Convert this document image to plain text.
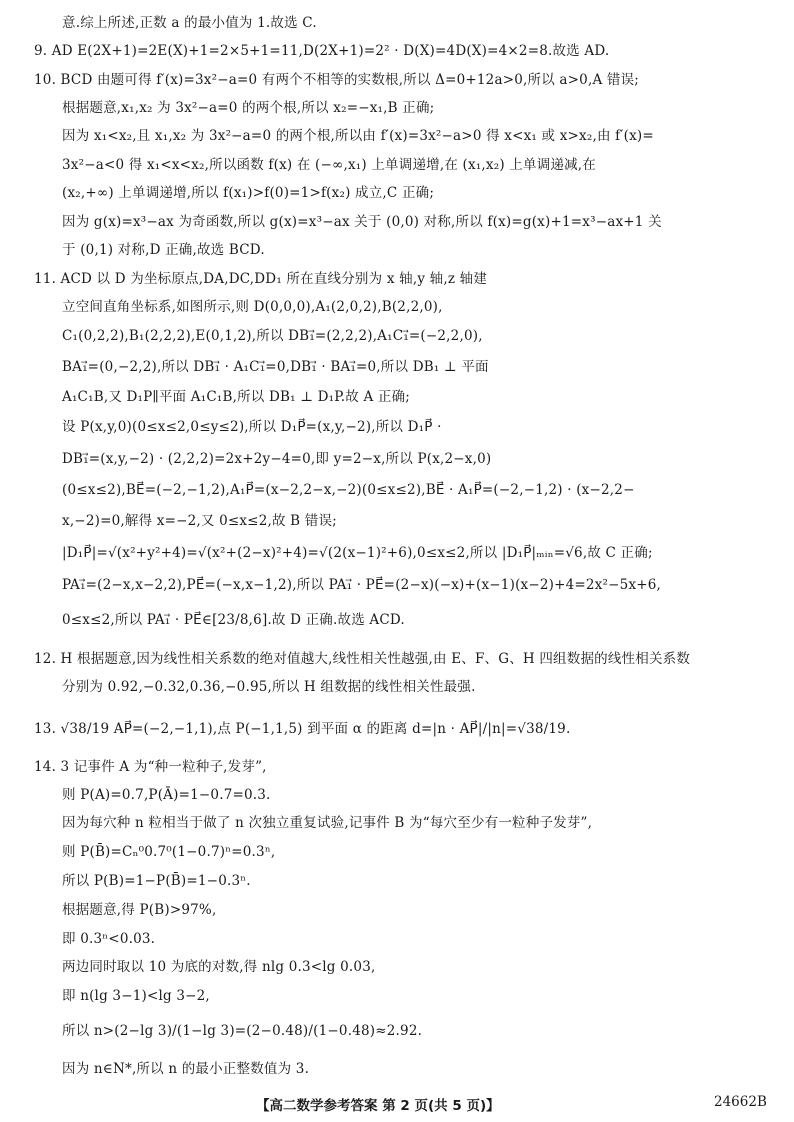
意.综上所述,正数 a 的最小值为 1.故选 C.
9. AD E(2X+1)=2E(X)+1=2×5+1=11,D(2X+1)=2² · D(X)=4D(X)=4×2=8.故选 AD.
10. BCD 由题可得 f′(x)=3x²−a=0 有两个不相等的实数根,所以 Δ=0+12a>0,所以 a>0,A 错误;
根据题意,x₁,x₂ 为 3x²−a=0 的两个根,所以 x₂=−x₁,B 正确;
因为 x₁<x₂,且 x₁,x₂ 为 3x²−a=0 的两个根,所以由 f′(x)=3x²−a>0 得 x<x₁ 或 x>x₂,由 f′(x)=
3x²−a<0 得 x₁<x<x₂,所以函数 f(x) 在 (−∞,x₁) 上单调递增,在 (x₁,x₂) 上单调递减,在
(x₂,+∞) 上单调递增,所以 f(x₁)>f(0)=1>f(x₂) 成立,C 正确;
因为 g(x)=x³−ax 为奇函数,所以 g(x)=x³−ax 关于 (0,0) 对称,所以 f(x)=g(x)+1=x³−ax+1 关
于 (0,1) 对称,D 正确,故选 BCD.
11. ACD 以 D 为坐标原点,DA,DC,DD₁ 所在直线分别为 x 轴,y 轴,z 轴建
立空间直角坐标系,如图所示,则 D(0,0,0),A₁(2,0,2),B(2,2,0),
C₁(0,2,2),B₁(2,2,2),E(0,1,2),所以 DB₁⃗=(2,2,2),A₁C₁⃗=(−2,2,0),
BA₁⃗=(0,−2,2),所以 DB₁⃗ · A₁C₁⃗=0,DB₁⃗ · BA₁⃗=0,所以 DB₁ ⊥ 平面
A₁C₁B,又 D₁P∥平面 A₁C₁B,所以 DB₁ ⊥ D₁P.故 A 正确;
设 P(x,y,0)(0≤x≤2,0≤y≤2),所以 D₁P⃗=(x,y,−2),所以 D₁P⃗ ·
DB₁⃗=(x,y,−2) · (2,2,2)=2x+2y−4=0,即 y=2−x,所以 P(x,2−x,0)
(0≤x≤2),BE⃗=(−2,−1,2),A₁P⃗=(x−2,2−x,−2)(0≤x≤2),BE⃗ · A₁P⃗=(−2,−1,2) · (x−2,2−
x,−2)=0,解得 x=−2,又 0≤x≤2,故 B 错误;
|D₁P⃗|=√(x²+y²+4)=√(x²+(2−x)²+4)=√(2(x−1)²+6),0≤x≤2,所以 |D₁P⃗|ₘᵢₙ=√6,故 C 正确;
PA₁⃗=(2−x,x−2,2),PE⃗=(−x,x−1,2),所以 PA₁⃗ · PE⃗=(2−x)(−x)+(x−1)(x−2)+4=2x²−5x+6,
0≤x≤2,所以 PA₁⃗ · PE⃗∈[23/8,6].故 D 正确.故选 ACD.
12. H 根据题意,因为线性相关系数的绝对值越大,线性相关性越强,由 E、F、G、H 四组数据的线性相关系数
分别为 0.92,−0.32,0.36,−0.95,所以 H 组数据的线性相关性最强.
13. √38/19 AP⃗=(−2,−1,1),点 P(−1,1,5) 到平面 α 的距离 d=|n · AP⃗|/|n|=√38/19.
14. 3 记事件 A 为“种一粒种子,发芽”,
则 P(A)=0.7,P(Ā)=1−0.7=0.3.
因为每穴种 n 粒相当于做了 n 次独立重复试验,记事件 B 为“每穴至少有一粒种子发芽”,
则 P(B̄)=Cₙ⁰0.7⁰(1−0.7)ⁿ=0.3ⁿ,
所以 P(B)=1−P(B̄)=1−0.3ⁿ.
根据题意,得 P(B)>97%,
即 0.3ⁿ<0.03.
两边同时取以 10 为底的对数,得 nlg 0.3<lg 0.03,
即 n(lg 3−1)<lg 3−2,
所以 n>(2−lg 3)/(1−lg 3)=(2−0.48)/(1−0.48)≈2.92.
因为 n∈N*,所以 n 的最小正整数值为 3.
【高二数学参考答案 第 2 页(共 5 页)】	24662B
